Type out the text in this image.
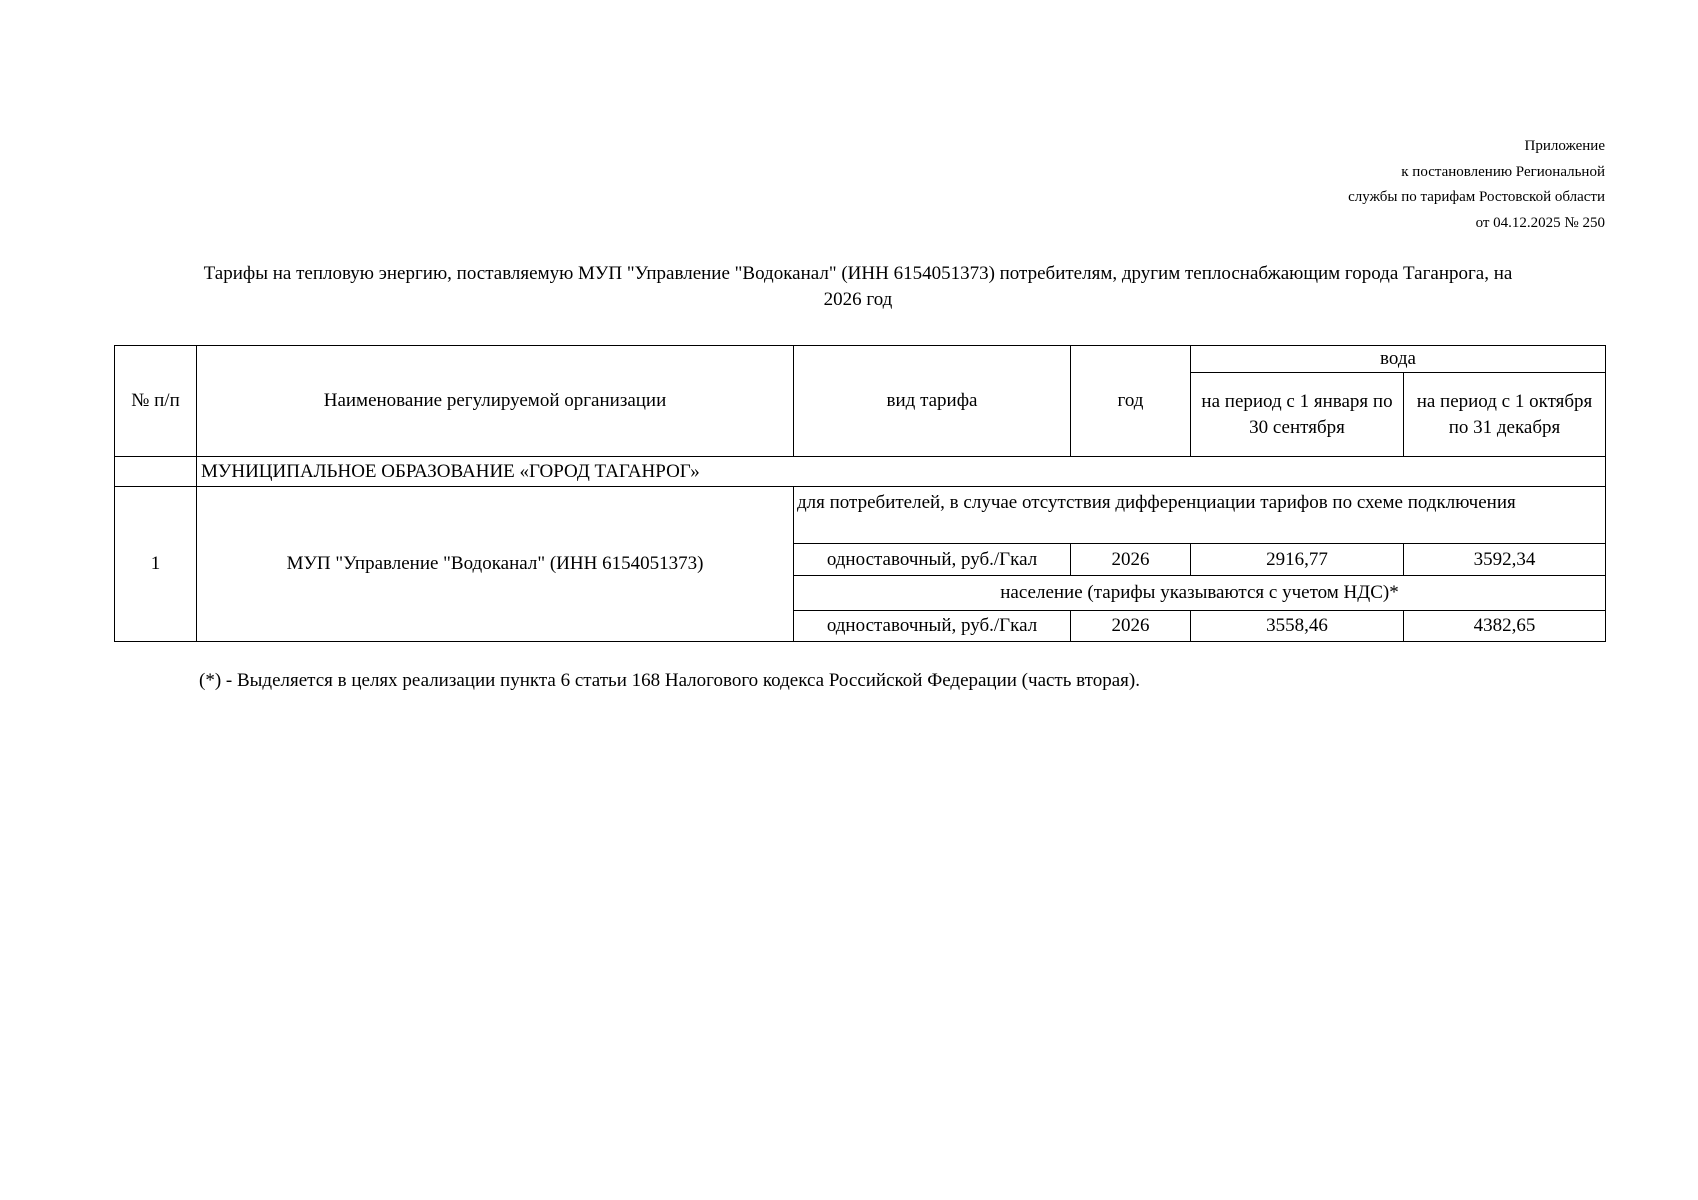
Приложение
к постановлению Региональной
службы по тарифам Ростовской области
от 04.12.2025 № 250
Тарифы на тепловую энергию, поставляемую МУП "Управление "Водоканал" (ИНН 6154051373) потребителям, другим теплоснабжающим города Таганрога, на
2026 год
№ п/п	Наименование регулируемой организации	вид тарифа	год	вода	
				на период с 1 января по 30 сентября	на период с 1 октября по 31 декабря
	МУНИЦИПАЛЬНОЕ ОБРАЗОВАНИЕ «ГОРОД ТАГАНРОГ»				
1	МУП "Управление "Водоканал" (ИНН 6154051373)	для потребителей, в случае отсутствия дифференциации тарифов по схеме подключения			
		одноставочный, руб./Гкал	2026	2916,77	3592,34
		население (тарифы указываются с учетом НДС)*			
		одноставочный, руб./Гкал	2026	3558,46	4382,65
(*) - Выделяется в целях реализации пункта 6 статьи 168 Налогового кодекса Российской Федерации (часть вторая).
